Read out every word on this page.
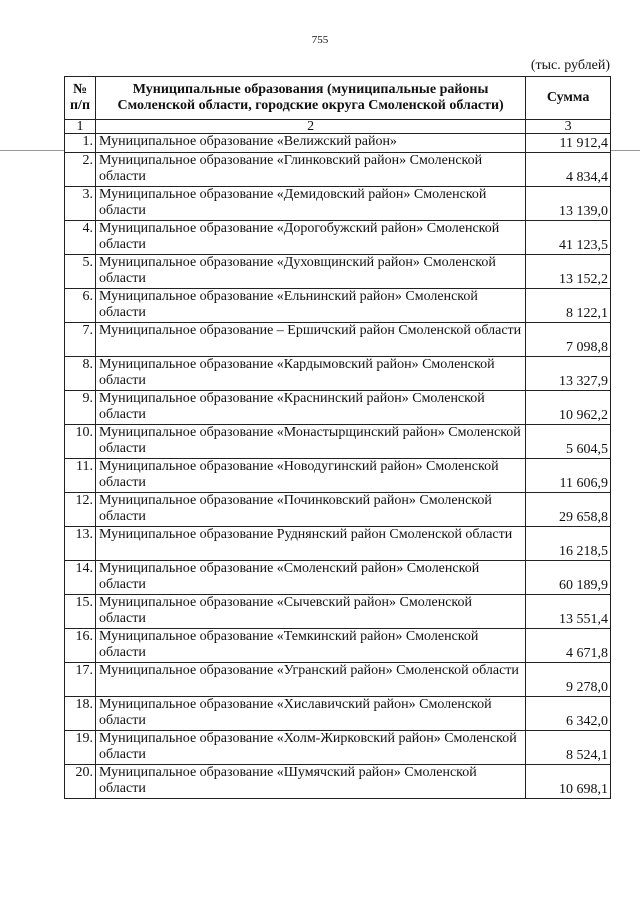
755
(тыс. рублей)
№ п/п	Муниципальные образования (муниципальные районы Смоленской области, городские округа Смоленской области)	Сумма
1	2	3
1.	Муниципальное образование «Велижский район»	11 912,4
2.	Муниципальное образование «Глинковский район» Смоленской области	4 834,4
3.	Муниципальное образование «Демидовский район» Смоленской области	13 139,0
4.	Муниципальное образование «Дорогобужский район» Смоленской области	41 123,5
5.	Муниципальное образование «Духовщинский район» Смоленской области	13 152,2
6.	Муниципальное образование «Ельнинский район» Смоленской области	8 122,1
7.	Муниципальное образование – Ершичский район Смоленской области	7 098,8
8.	Муниципальное образование «Кардымовский район» Смоленской области	13 327,9
9.	Муниципальное образование «Краснинский район» Смоленской области	10 962,2
10.	Муниципальное образование «Монастырщинский район» Смоленской области	5 604,5
11.	Муниципальное образование «Новодугинский район» Смоленской области	11 606,9
12.	Муниципальное образование «Починковский район» Смоленской области	29 658,8
13.	Муниципальное образование Руднянский район Смоленской области	16 218,5
14.	Муниципальное образование «Смоленский район» Смоленской области	60 189,9
15.	Муниципальное образование «Сычевский район» Смоленской области	13 551,4
16.	Муниципальное образование «Темкинский район» Смоленской области	4 671,8
17.	Муниципальное образование «Угранский район» Смоленской области	9 278,0
18.	Муниципальное образование «Хиславичский район» Смоленской области	6 342,0
19.	Муниципальное образование «Холм-Жирковский район» Смоленской области	8 524,1
20.	Муниципальное образование «Шумячский район» Смоленской области	10 698,1
